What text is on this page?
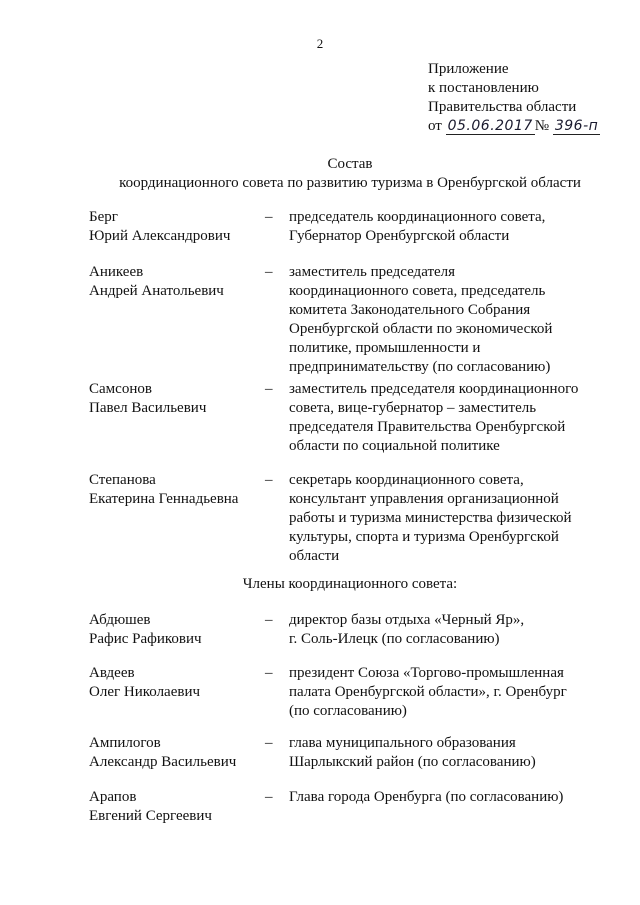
2
Приложение
к постановлению
Правительства области
от 05.06.2017 № 396-п
Состав
координационного совета по развитию туризма в Оренбургской области
Берг
Юрий Александрович
– председатель координационного совета,
Губернатор Оренбургской области
Аникеев
Андрей Анатольевич
– заместитель председателя
координационного совета, председатель
комитета Законодательного Собрания
Оренбургской области по экономической
политике, промышленности и
предпринимательству (по согласованию)
Самсонов
Павел Васильевич
– заместитель председателя координационного
совета, вице-губернатор – заместитель
председателя Правительства Оренбургской
области по социальной политике
Степанова
Екатерина Геннадьевна
– секретарь координационного совета,
консультант управления организационной
работы и туризма министерства физической
культуры, спорта и туризма Оренбургской
области
Члены координационного совета:
Абдюшев
Рафис Рафикович
– директор базы отдыха «Черный Яр»,
г. Соль-Илецк (по согласованию)
Авдеев
Олег Николаевич
– президент Союза «Торгово-промышленная
палата Оренбургской области», г. Оренбург
(по согласованию)
Ампилогов
Александр Васильевич
– глава муниципального образования
Шарлыкский район (по согласованию)
Арапов
Евгений Сергеевич
– Глава города Оренбурга (по согласованию)
